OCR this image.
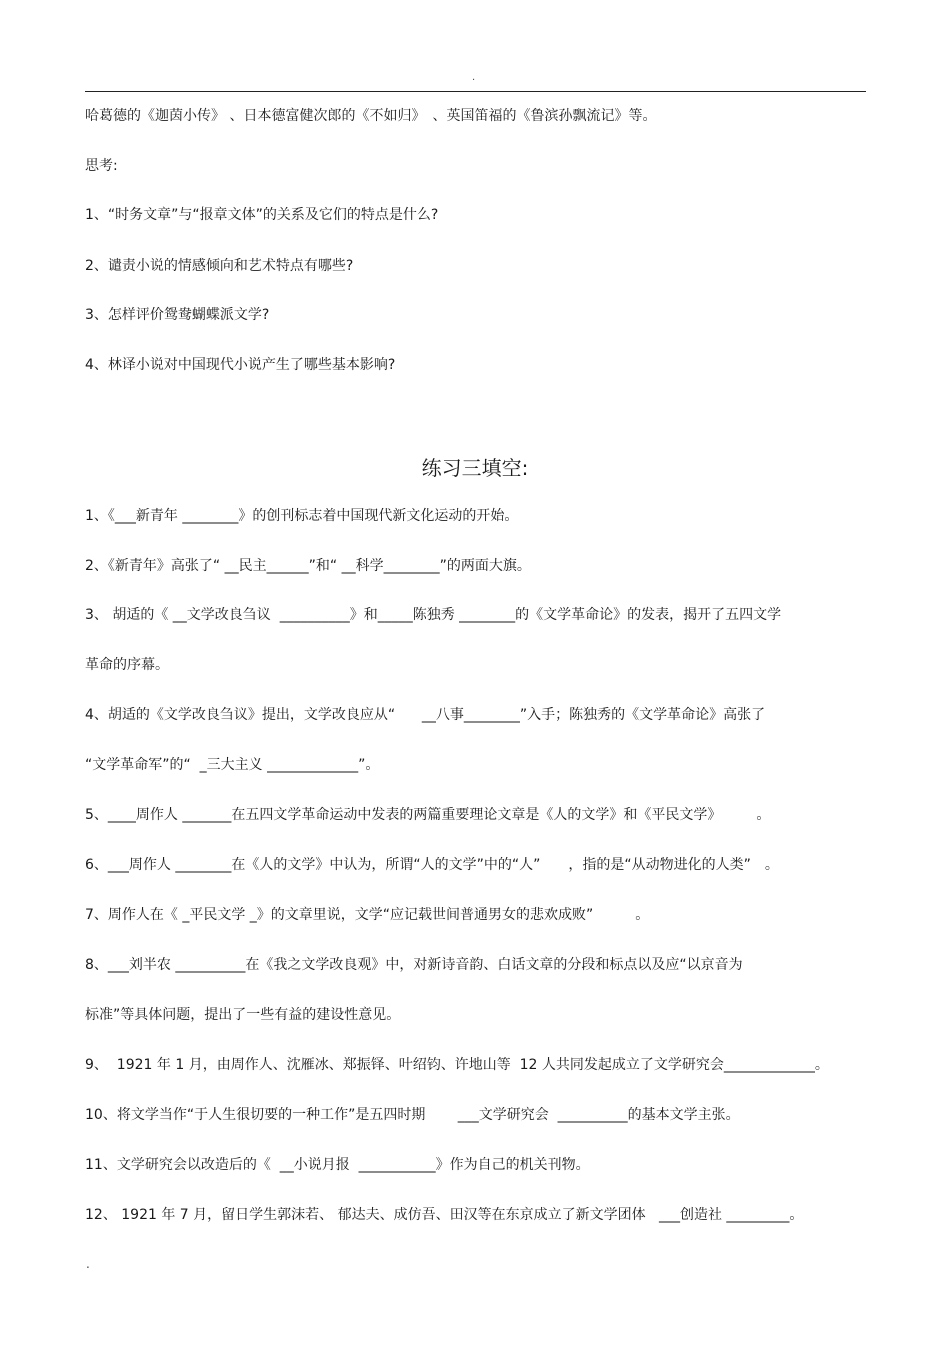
.
哈葛德的《迦茵小传》 、日本德富健次郎的《不如归》　、英国笛福的《鲁滨孙飘流记》等。
思考:
1、“时务文章”与“报章文体”的关系及它们的特点是什么?
2、谴责小说的情感倾向和艺术特点有哪些?
3、怎样评价鸳鸯蝴蝶派文学?
4、林译小说对中国现代小说产生了哪些基本影响?
练习三填空:
1、《___新青年 ________》的创刊标志着中国现代新文化运动的开始。
2、《新青年》高张了“ __民主______”和“ __科学________”的两面大旗。
3、 胡适的《 __文学改良刍议  __________》和_____陈独秀 ________的《文学革命论》的发表，揭开了五四文学
革命的序幕。
4、胡适的《文学改良刍议》提出，文学改良应从“      __八事________”入手；陈独秀的《文学革命论》高张了
“文学革命军”的“  _三大主义 _____________”。
5、____周作人 _______在五四文学革命运动中发表的两篇重要理论文章是《人的文学》和《平民文学》　　　。
6、___周作人 ________在《人的文学》中认为，所谓“人的文学”中的“人”　　，指的是“从动物进化的人类”　。
7、周作人在《 _平民文学 _》的文章里说，文学“应记载世间普通男女的悲欢成败”　　　。
8、___刘半农 __________在《我之文学改良观》中，对新诗音韵、白话文章的分段和标点以及应“以京音为
标准”等具体问题，提出了一些有益的建设性意见。
9、  1921 年 1 月，由周作人、沈雁冰、郑振铎、叶绍钧、许地山等  12 人共同发起成立了文学研究会_____________。
10、将文学当作“于人生很切要的一种工作”是五四时期　　 ___文学研究会  __________的基本文学主张。
11、文学研究会以改造后的《  __小说月报  ___________》作为自己的机关刊物。
12、 1921 年 7 月，留日学生郭沫若、 郁达夫、成仿吾、田汉等在东京成立了新文学团体   ___创造社 _________。
.
